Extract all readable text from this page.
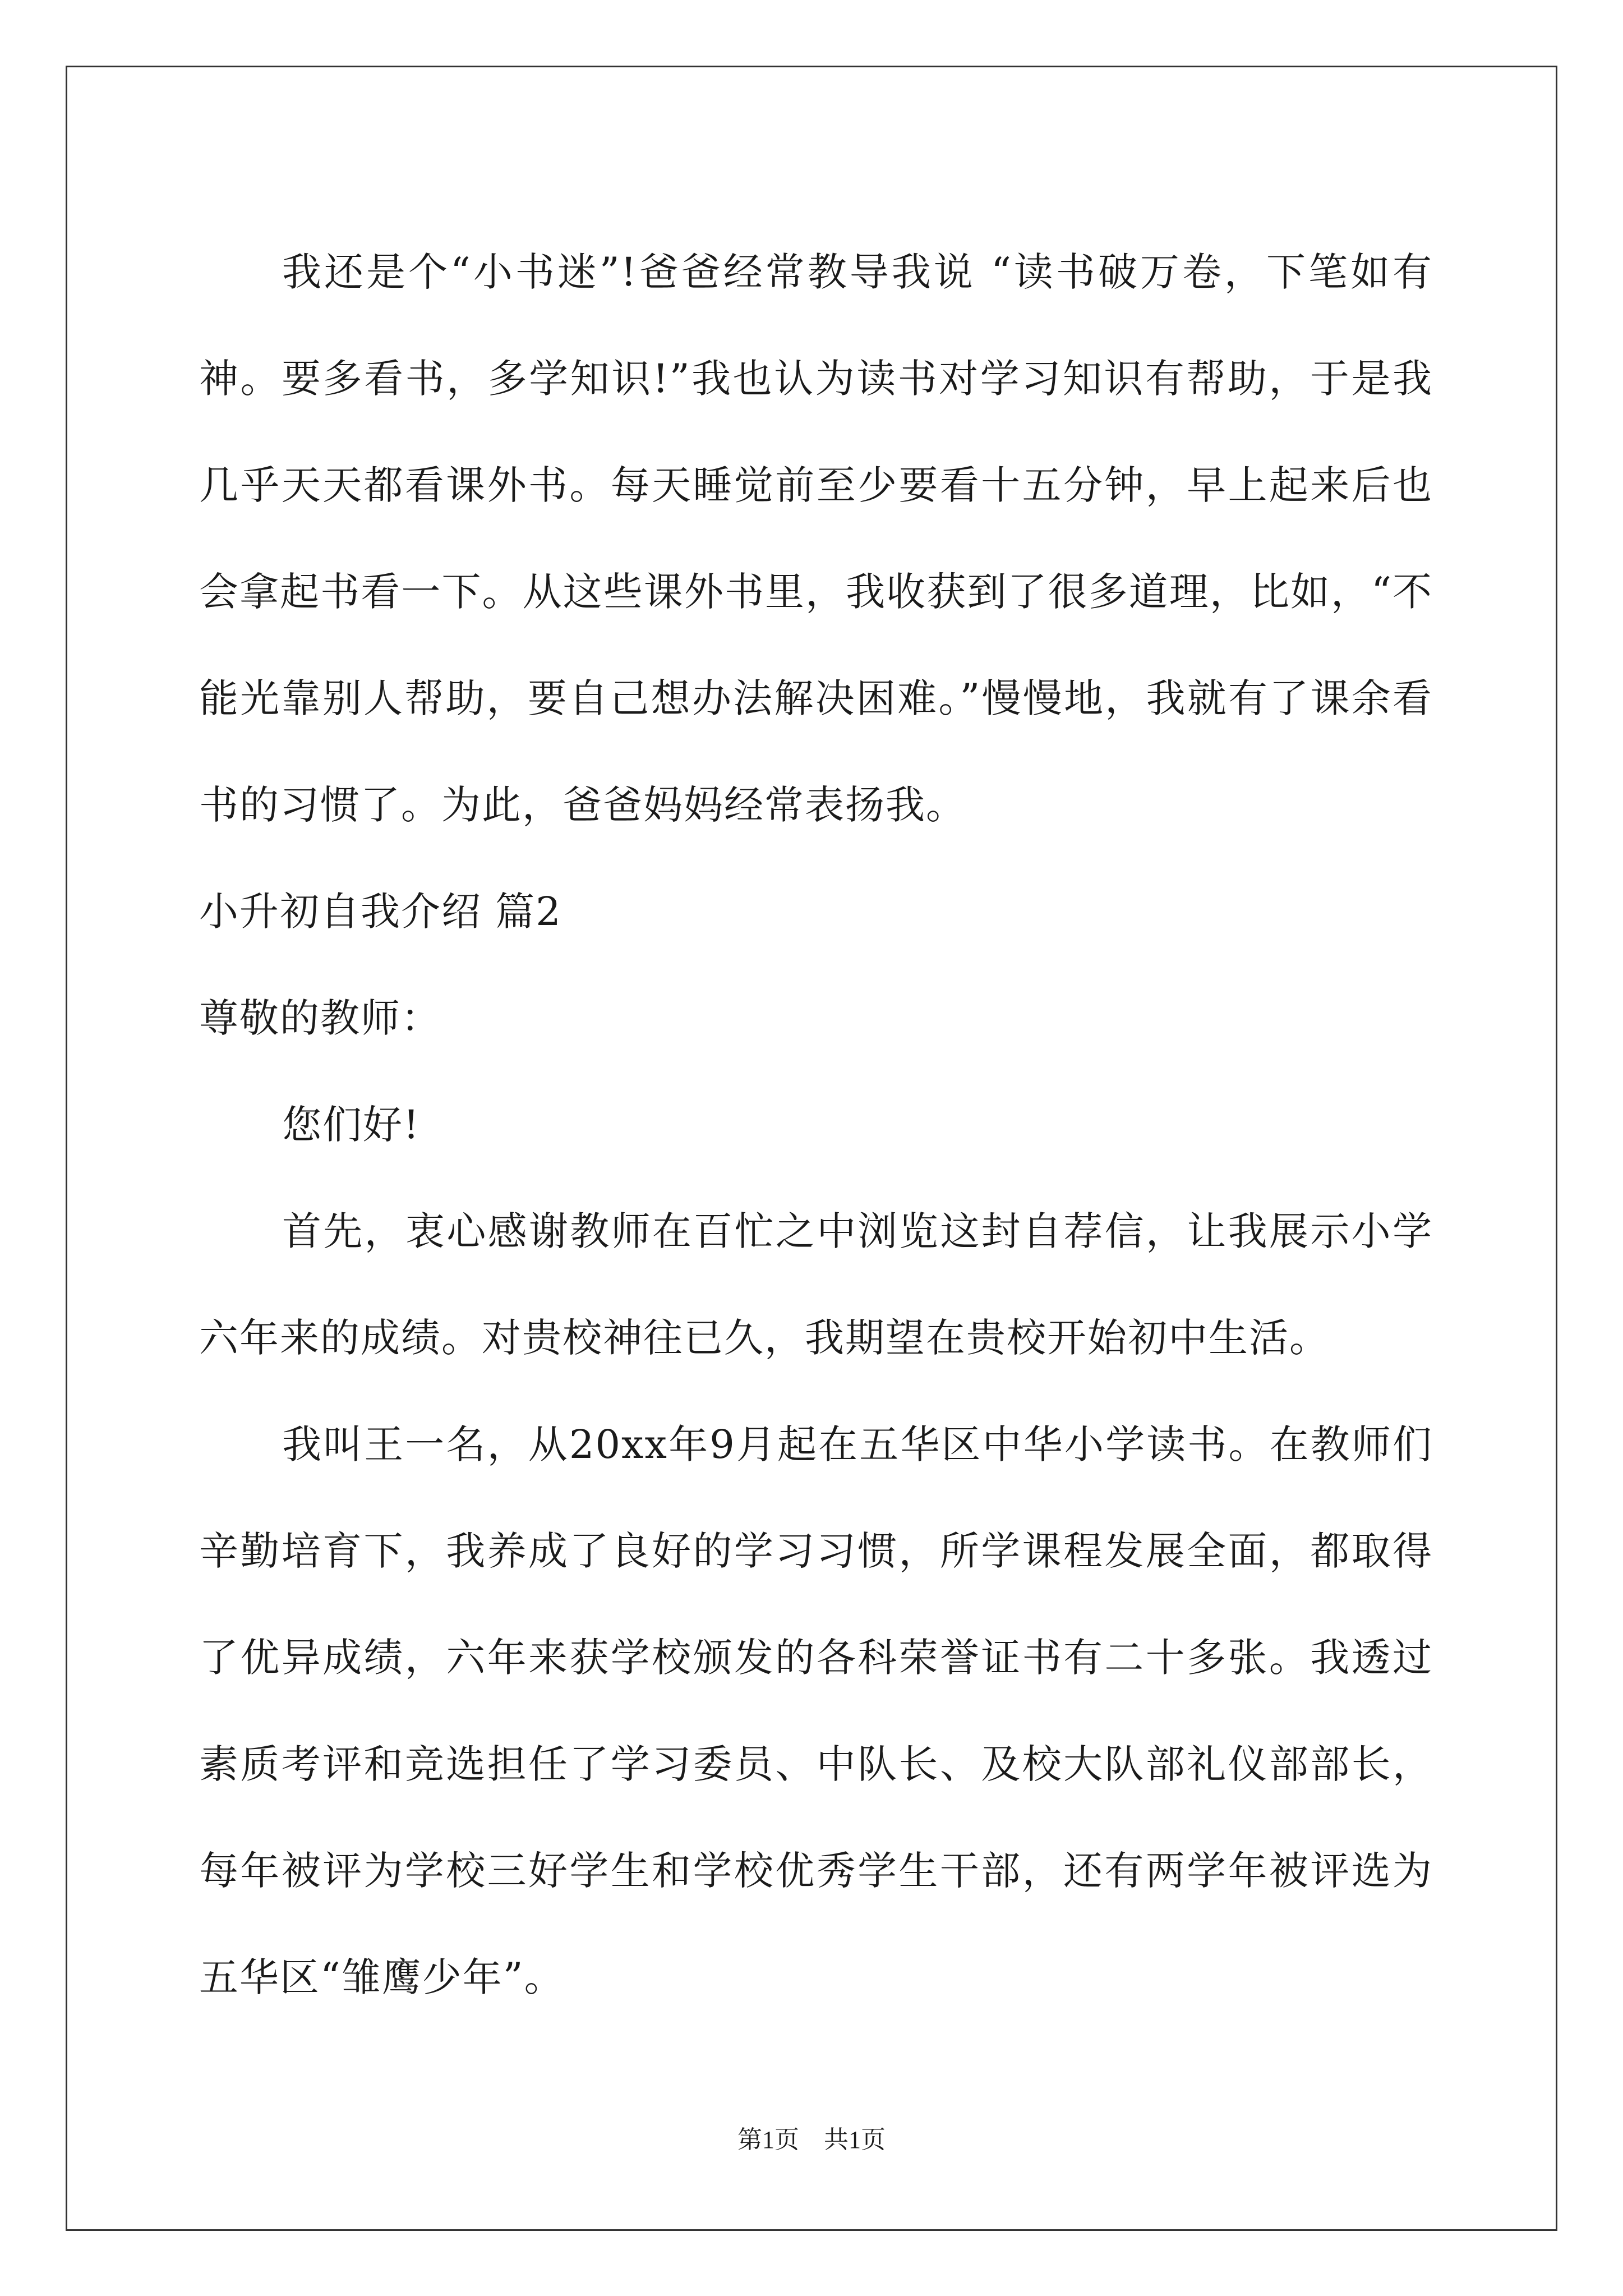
我还是个“小书迷”!爸爸经常教导我说 “读书破万卷，下笔如有神。要多看书，多学知识!”我也认为读书对学习知识有帮助，于是我几乎天天都看课外书。每天睡觉前至少要看十五分钟，早上起来后也会拿起书看一下。从这些课外书里，我收获到了很多道理，比如，“不能光靠别人帮助，要自己想办法解决困难。”慢慢地，我就有了课余看书的习惯了。为此，爸爸妈妈经常表扬我。

小升初自我介绍 篇2

尊敬的教师：

您们好!

首先，衷心感谢教师在百忙之中浏览这封自荐信，让我展示小学六年来的成绩。对贵校神往已久，我期望在贵校开始初中生活。

我叫王一名，从20xx年9月起在五华区中华小学读书。在教师们辛勤培育下，我养成了良好的学习习惯，所学课程发展全面，都取得了优异成绩，六年来获学校颁发的各科荣誉证书有二十多张。我透过素质考评和竞选担任了学习委员、中队长、及校大队部礼仪部部长，每年被评为学校三好学生和学校优秀学生干部，还有两学年被评选为五华区“雏鹰少年”。

第1页    共1页
